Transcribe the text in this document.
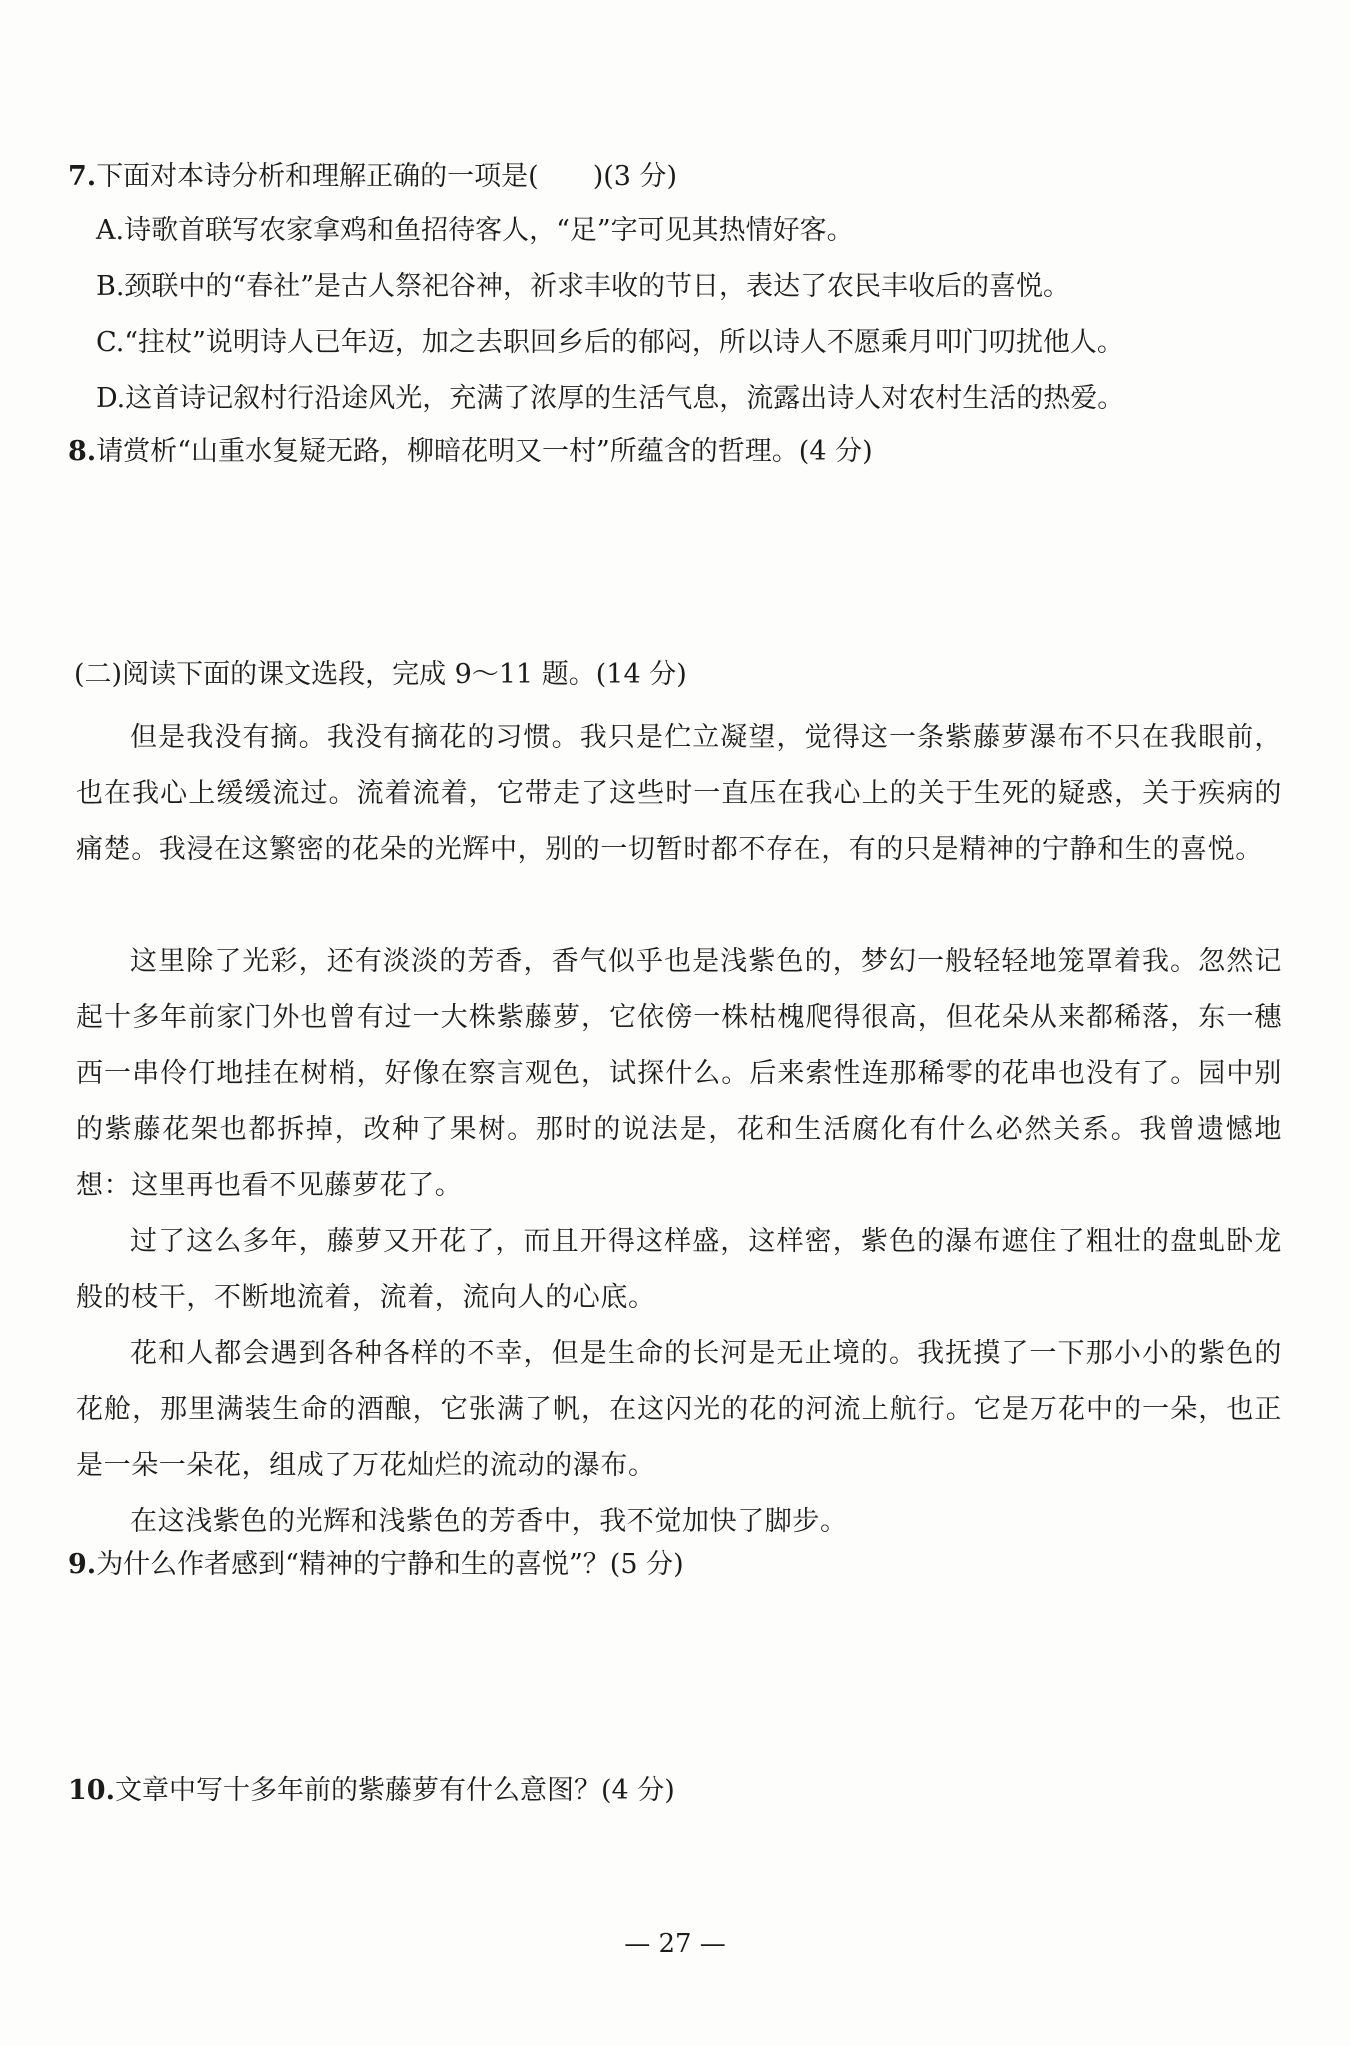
7.下面对本诗分析和理解正确的一项是(　　)(3 分)

A.诗歌首联写农家拿鸡和鱼招待客人，“足”字可见其热情好客。

B.颈联中的“春社”是古人祭祀谷神，祈求丰收的节日，表达了农民丰收后的喜悦。

C.“拄杖”说明诗人已年迈，加之去职回乡后的郁闷，所以诗人不愿乘月叩门叨扰他人。

D.这首诗记叙村行沿途风光，充满了浓厚的生活气息，流露出诗人对农村生活的热爱。

8.请赏析“山重水复疑无路，柳暗花明又一村”所蕴含的哲理。(4 分)

(二)阅读下面的课文选段，完成 9～11 题。(14 分)

但是我没有摘。我没有摘花的习惯。我只是伫立凝望，觉得这一条紫藤萝瀑布不只在我眼前，也在我心上缓缓流过。流着流着，它带走了这些时一直压在我心上的关于生死的疑惑，关于疾病的痛楚。我浸在这繁密的花朵的光辉中，别的一切暂时都不存在，有的只是精神的宁静和生的喜悦。

这里除了光彩，还有淡淡的芳香，香气似乎也是浅紫色的，梦幻一般轻轻地笼罩着我。忽然记起十多年前家门外也曾有过一大株紫藤萝，它依傍一株枯槐爬得很高，但花朵从来都稀落，东一穗西一串伶仃地挂在树梢，好像在察言观色，试探什么。后来索性连那稀零的花串也没有了。园中别的紫藤花架也都拆掉，改种了果树。那时的说法是，花和生活腐化有什么必然关系。我曾遗憾地想：这里再也看不见藤萝花了。

过了这么多年，藤萝又开花了，而且开得这样盛，这样密，紫色的瀑布遮住了粗壮的盘虬卧龙般的枝干，不断地流着，流着，流向人的心底。

花和人都会遇到各种各样的不幸，但是生命的长河是无止境的。我抚摸了一下那小小的紫色的花舱，那里满装生命的酒酿，它张满了帆，在这闪光的花的河流上航行。它是万花中的一朵，也正是一朵一朵花，组成了万花灿烂的流动的瀑布。

在这浅紫色的光辉和浅紫色的芳香中，我不觉加快了脚步。

9.为什么作者感到“精神的宁静和生的喜悦”？(5 分)

10.文章中写十多年前的紫藤萝有什么意图？(4 分)

— 27 —
